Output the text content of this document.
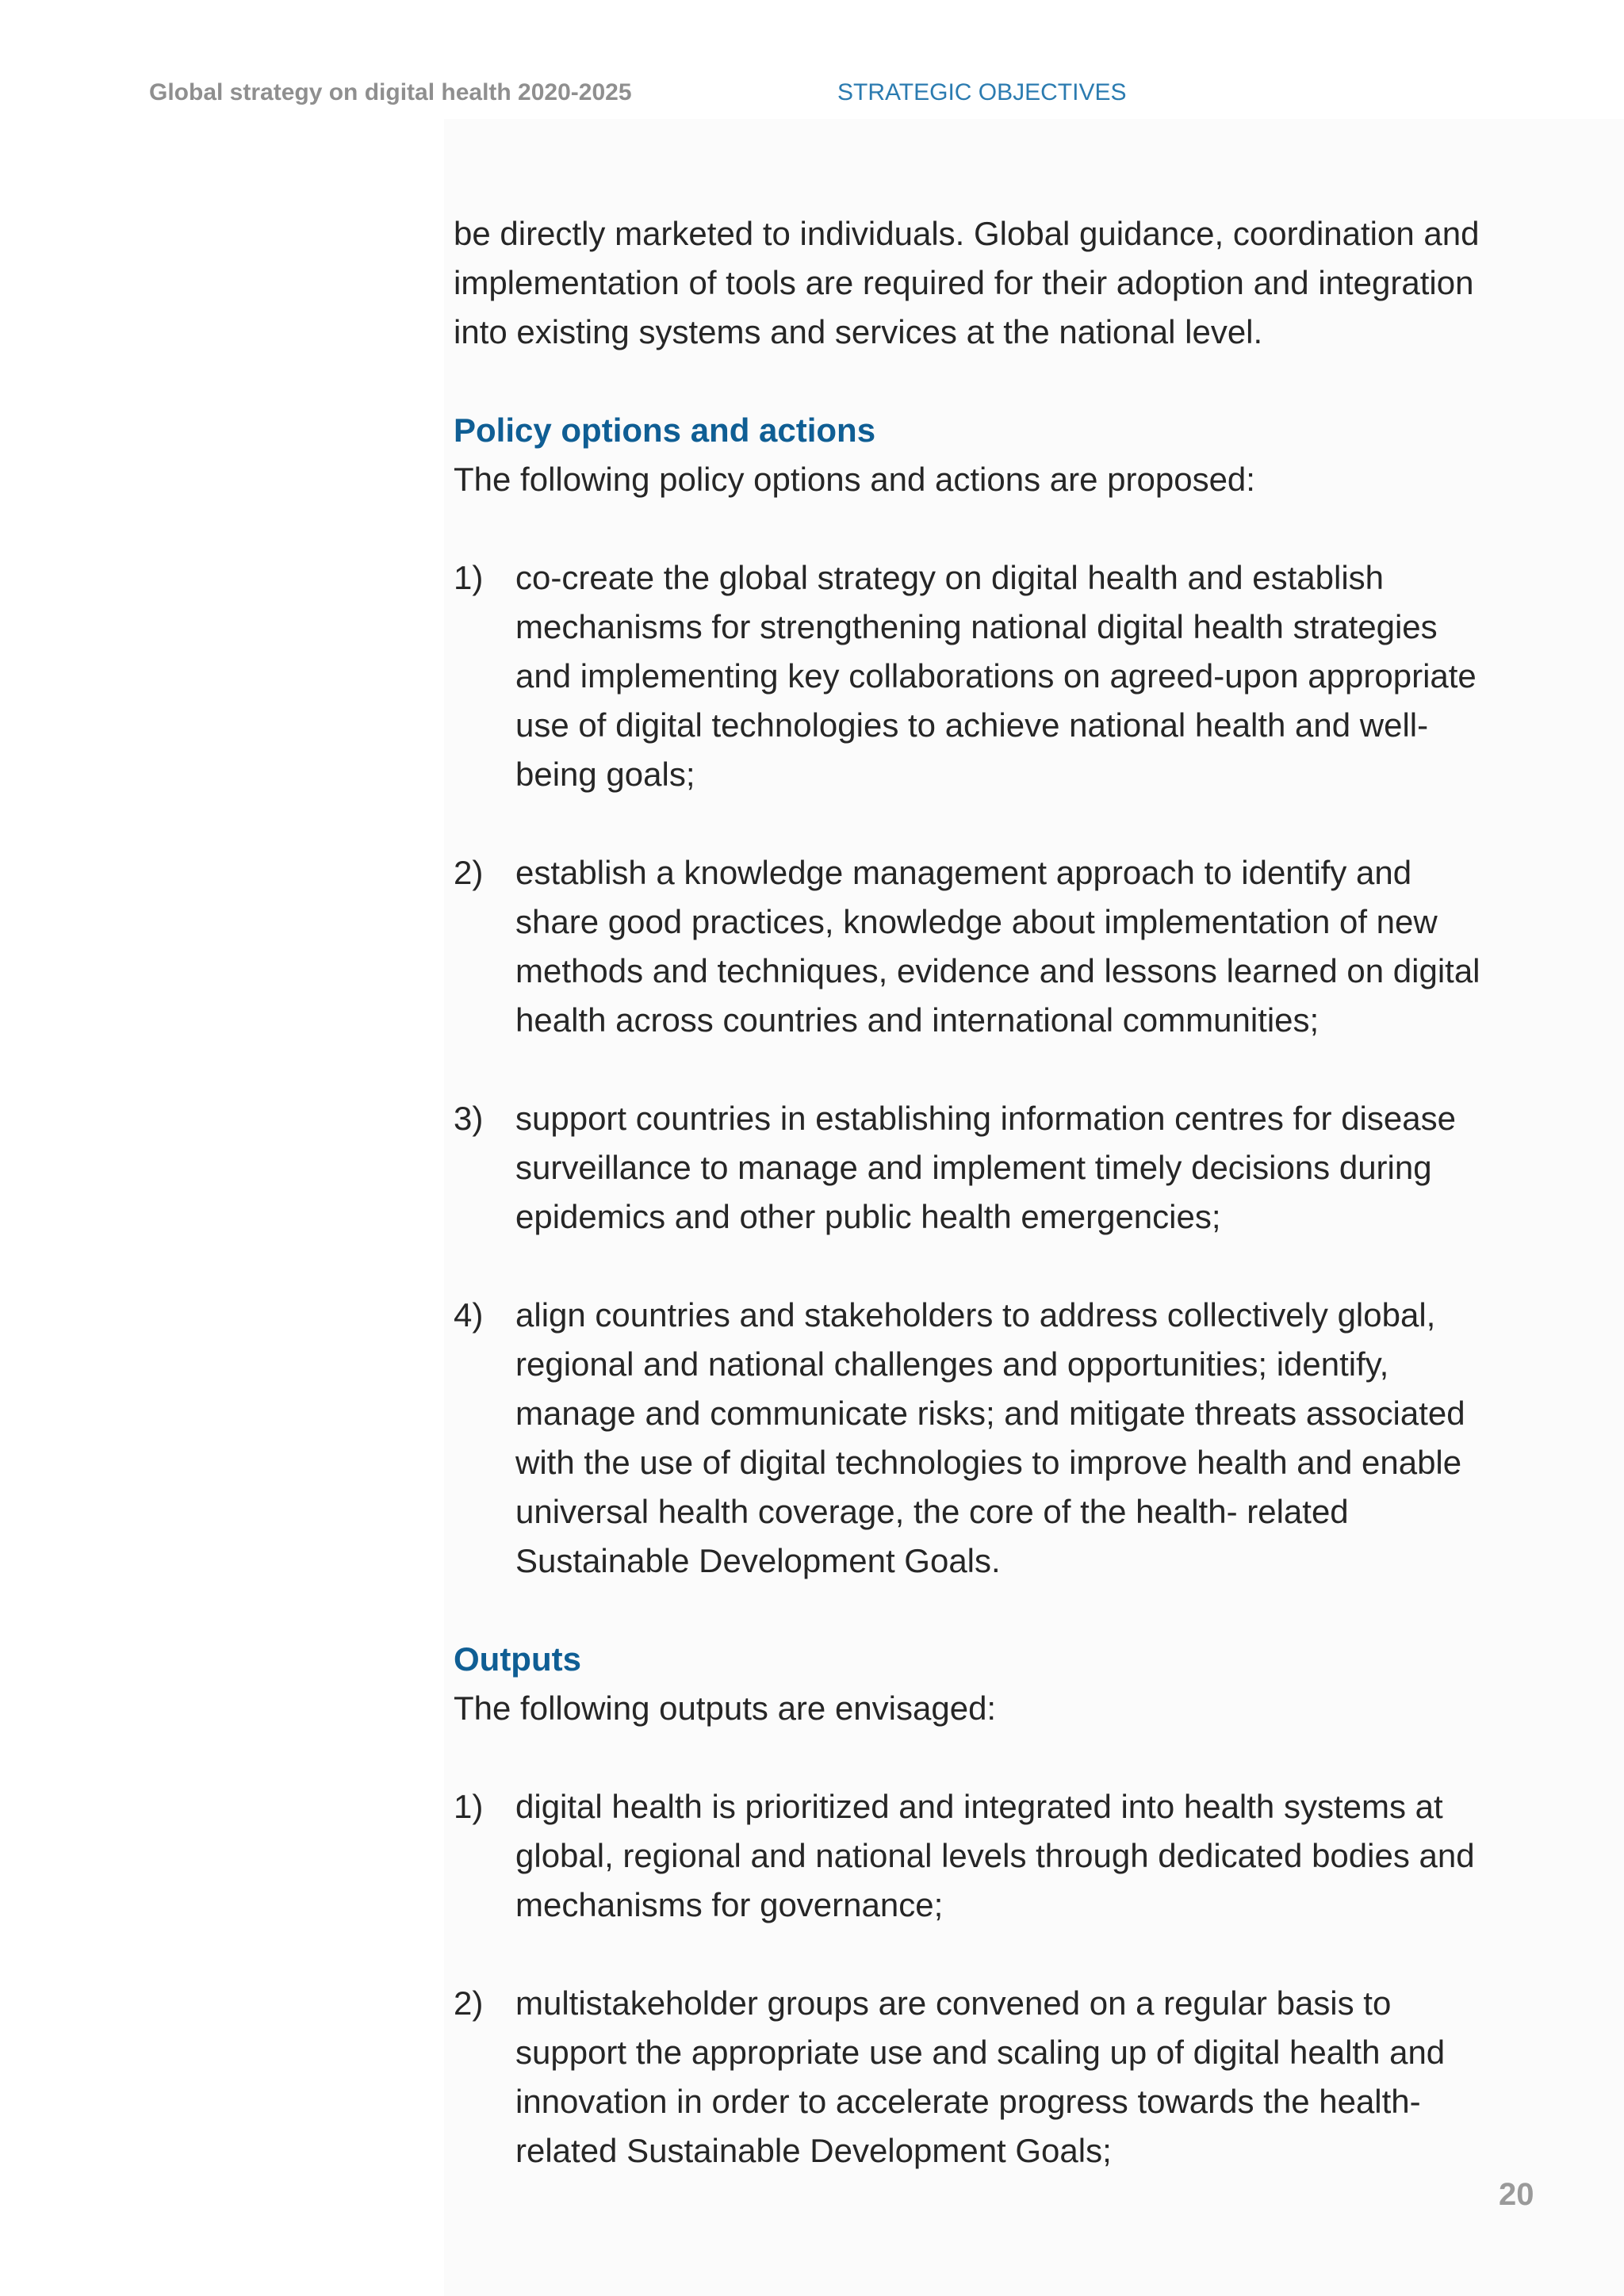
Global strategy on digital health 2020-2025	STRATEGIC OBJECTIVES

be directly marketed to individuals. Global guidance, coordination and implementation of tools are required for their adoption and integration into existing systems and services at the national level.

Policy options and actions

The following policy options and actions are proposed:

1) co-create the global strategy on digital health and establish mechanisms for strengthening national digital health strategies and implementing key collaborations on agreed-upon appropriate use of digital technologies to achieve national health and well-being goals;
2) establish a knowledge management approach to identify and share good practices, knowledge about implementation of new methods and techniques, evidence and lessons learned on digital health across countries and international communities;
3) support countries in establishing information centres for disease surveillance to manage and implement timely decisions during epidemics and other public health emergencies;
4) align countries and stakeholders to address collectively global, regional and national challenges and opportunities; identify, manage and communicate risks; and mitigate threats associated with the use of digital technologies to improve health and enable universal health coverage, the core of the health- related Sustainable Development Goals.
Outputs

The following outputs are envisaged:

1) digital health is prioritized and integrated into health systems at global, regional and national levels through dedicated bodies and mechanisms for governance;
2) multistakeholder groups are convened on a regular basis to support the appropriate use and scaling up of digital health and innovation in order to accelerate progress towards the health-related Sustainable Development Goals;
20
